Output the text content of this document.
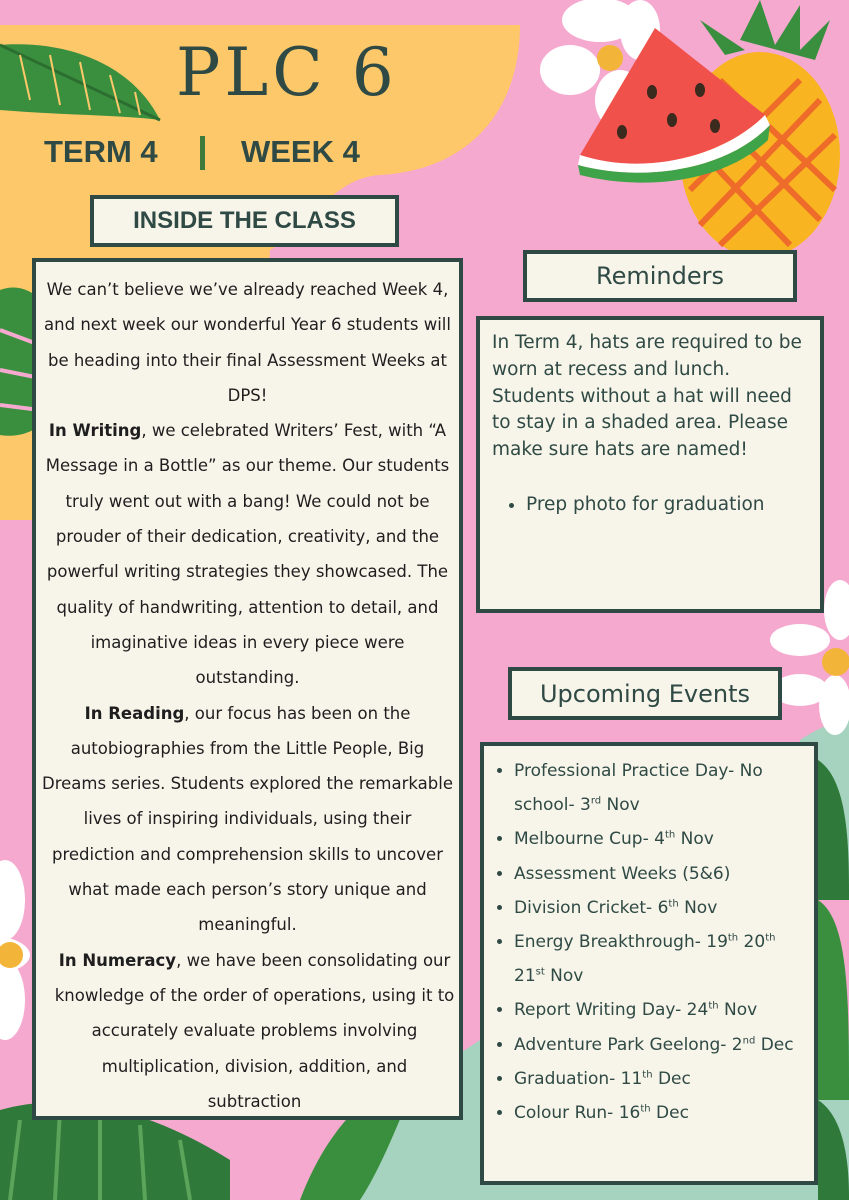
PLC 6
TERM 4	WEEK 4
INSIDE THE CLASS

We can’t believe we’ve already reached Week 4, and next week our wonderful Year 6 students will be heading into their final Assessment Weeks at DPS!

In Writing, we celebrated Writers’ Fest, with “A Message in a Bottle” as our theme. Our students truly went out with a bang! We could not be prouder of their dedication, creativity, and the powerful writing strategies they showcased. The quality of handwriting, attention to detail, and imaginative ideas in every piece were outstanding.

In Reading, our focus has been on the autobiographies from the Little People, Big Dreams series. Students explored the remarkable lives of inspiring individuals, using their prediction and comprehension skills to uncover what made each person’s story unique and meaningful.

In Numeracy, we have been consolidating our knowledge of the order of operations, using it to accurately evaluate problems involving multiplication, division, addition, and subtraction

Reminders

In Term 4, hats are required to be worn at recess and lunch. Students without a hat will need to stay in a shaded area. Please make sure hats are named!

• Prep photo for graduation
Upcoming Events
• Professional Practice Day- No school- 3rd Nov
• Melbourne Cup- 4th Nov
• Assessment Weeks (5&6)
• Division Cricket- 6th Nov
• Energy Breakthrough- 19th 20th 21st Nov
• Report Writing Day- 24th Nov
• Adventure Park Geelong- 2nd Dec
• Graduation- 11th Dec
• Colour Run- 16th Dec
